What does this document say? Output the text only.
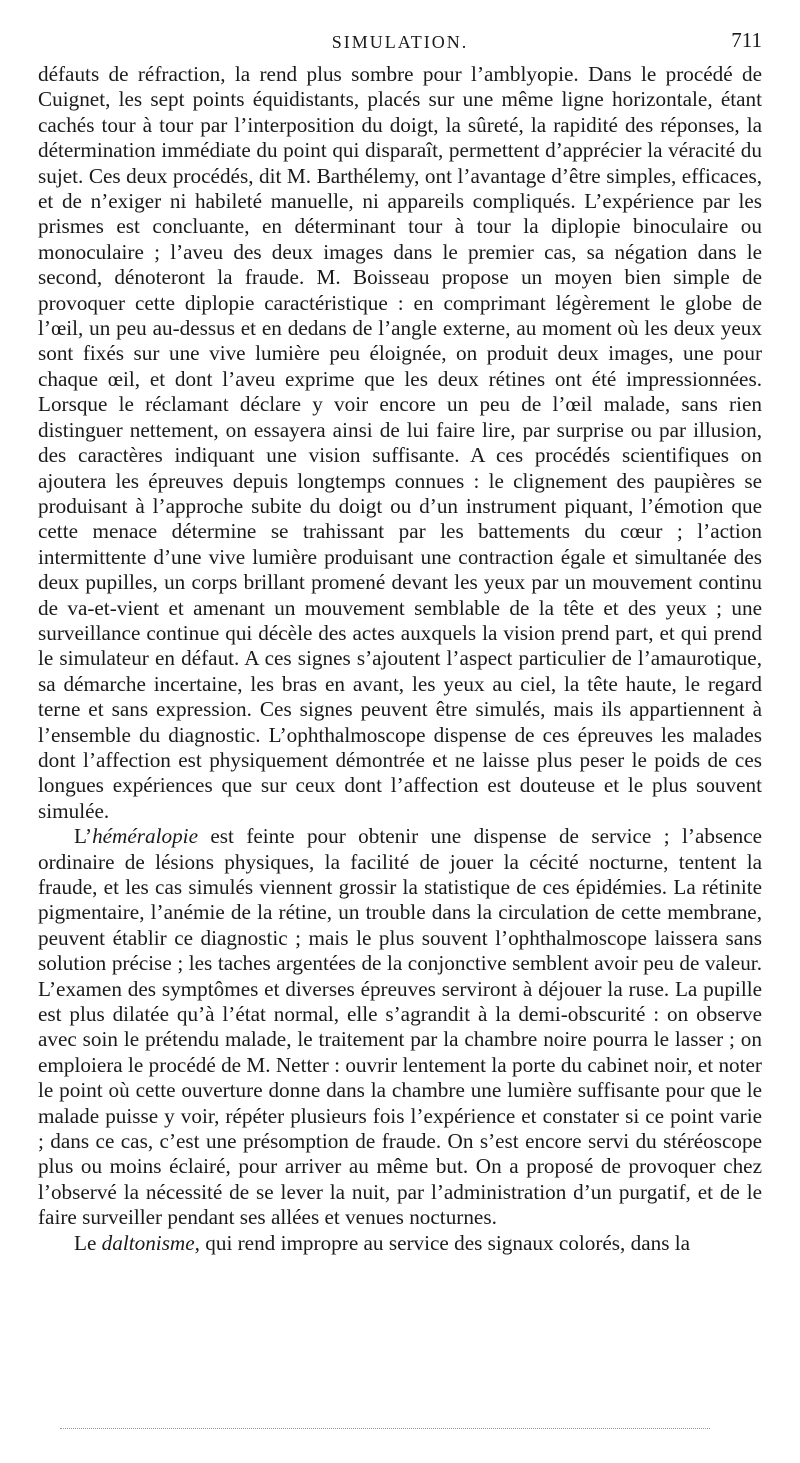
SIMULATION.	711

défauts de réfraction, la rend plus sombre pour l’amblyopie. Dans le procédé de Cuignet, les sept points équidistants, placés sur une même ligne horizontale, étant cachés tour à tour par l’interposition du doigt, la sûreté, la rapidité des réponses, la détermination immédiate du point qui disparaît, permettent d’apprécier la véracité du sujet. Ces deux procédés, dit M. Barthélemy, ont l’avantage d’être simples, efficaces, et de n’exiger ni habileté manuelle, ni appareils compliqués. L’expérience par les prismes est concluante, en déterminant tour à tour la diplopie binoculaire ou monoculaire ; l’aveu des deux images dans le premier cas, sa négation dans le second, dénoteront la fraude. M. Boisseau propose un moyen bien simple de provoquer cette diplopie caractéristique : en comprimant légèrement le globe de l’œil, un peu au-dessus et en dedans de l’angle externe, au moment où les deux yeux sont fixés sur une vive lumière peu éloignée, on produit deux images, une pour chaque œil, et dont l’aveu exprime que les deux rétines ont été impressionnées. Lorsque le réclamant déclare y voir encore un peu de l’œil malade, sans rien distinguer nettement, on essayera ainsi de lui faire lire, par surprise ou par illusion, des caractères indiquant une vision suffisante. A ces procédés scientifiques on ajoutera les épreuves depuis longtemps connues : le clignement des paupières se produisant à l’approche subite du doigt ou d’un instrument piquant, l’émotion que cette menace détermine se trahissant par les battements du cœur ; l’action intermittente d’une vive lumière produisant une contraction égale et simultanée des deux pupilles, un corps brillant promené devant les yeux par un mouvement continu de va-et-vient et amenant un mouvement semblable de la tête et des yeux ; une surveillance continue qui décèle des actes auxquels la vision prend part, et qui prend le simulateur en défaut. A ces signes s’ajoutent l’aspect particulier de l’amaurotique, sa démarche incertaine, les bras en avant, les yeux au ciel, la tête haute, le regard terne et sans expression. Ces signes peuvent être simulés, mais ils appartiennent à l’ensemble du diagnostic. L’ophthalmoscope dispense de ces épreuves les malades dont l’affection est physiquement démontrée et ne laisse plus peser le poids de ces longues expériences que sur ceux dont l’affection est douteuse et le plus souvent simulée.

L’héméralopie est feinte pour obtenir une dispense de service ; l’absence ordinaire de lésions physiques, la facilité de jouer la cécité nocturne, tentent la fraude, et les cas simulés viennent grossir la statistique de ces épidémies. La rétinite pigmentaire, l’anémie de la rétine, un trouble dans la circulation de cette membrane, peuvent établir ce diagnostic ; mais le plus souvent l’ophthalmoscope laissera sans solution précise ; les taches argentées de la conjonctive semblent avoir peu de valeur. L’examen des symptômes et diverses épreuves serviront à déjouer la ruse. La pupille est plus dilatée qu’à l’état normal, elle s’agrandit à la demi-obscurité : on observe avec soin le prétendu malade, le traitement par la chambre noire pourra le lasser ; on emploiera le procédé de M. Netter : ouvrir lentement la porte du cabinet noir, et noter le point où cette ouverture donne dans la chambre une lumière suffisante pour que le malade puisse y voir, répéter plusieurs fois l’expérience et constater si ce point varie ; dans ce cas, c’est une présomption de fraude. On s’est encore servi du stéréoscope plus ou moins éclairé, pour arriver au même but. On a proposé de provoquer chez l’observé la nécessité de se lever la nuit, par l’administration d’un purgatif, et de le faire surveiller pendant ses allées et venues nocturnes.

Le daltonisme, qui rend impropre au service des signaux colorés, dans la
